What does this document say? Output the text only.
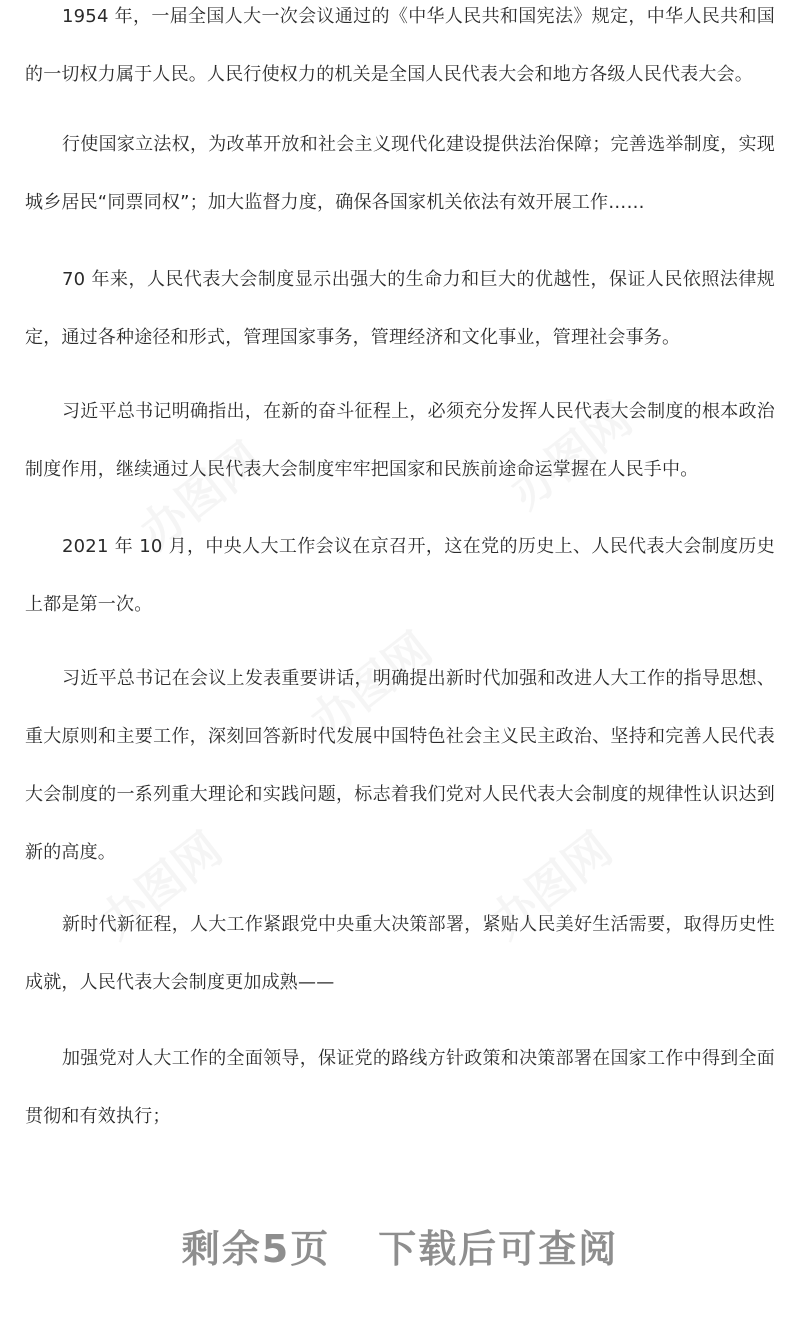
办图网
办图网
办图网
办图网
办图网

1954 年，一届全国人大一次会议通过的《中华人民共和国宪法》规定，中华人民共和国的一切权力属于人民。人民行使权力的机关是全国人民代表大会和地方各级人民代表大会。

行使国家立法权，为改革开放和社会主义现代化建设提供法治保障；完善选举制度，实现城乡居民“同票同权”；加大监督力度，确保各国家机关依法有效开展工作……

70 年来，人民代表大会制度显示出强大的生命力和巨大的优越性，保证人民依照法律规定，通过各种途径和形式，管理国家事务，管理经济和文化事业，管理社会事务。

习近平总书记明确指出，在新的奋斗征程上，必须充分发挥人民代表大会制度的根本政治制度作用，继续通过人民代表大会制度牢牢把国家和民族前途命运掌握在人民手中。

2021 年 10 月，中央人大工作会议在京召开，这在党的历史上、人民代表大会制度历史上都是第一次。

习近平总书记在会议上发表重要讲话，明确提出新时代加强和改进人大工作的指导思想、重大原则和主要工作，深刻回答新时代发展中国特色社会主义民主政治、坚持和完善人民代表大会制度的一系列重大理论和实践问题，标志着我们党对人民代表大会制度的规律性认识达到新的高度。

新时代新征程，人大工作紧跟党中央重大决策部署，紧贴人民美好生活需要，取得历史性成就，人民代表大会制度更加成熟——

加强党对人大工作的全面领导，保证党的路线方针政策和决策部署在国家工作中得到全面贯彻和有效执行；

剩余5页 下载后可查阅
